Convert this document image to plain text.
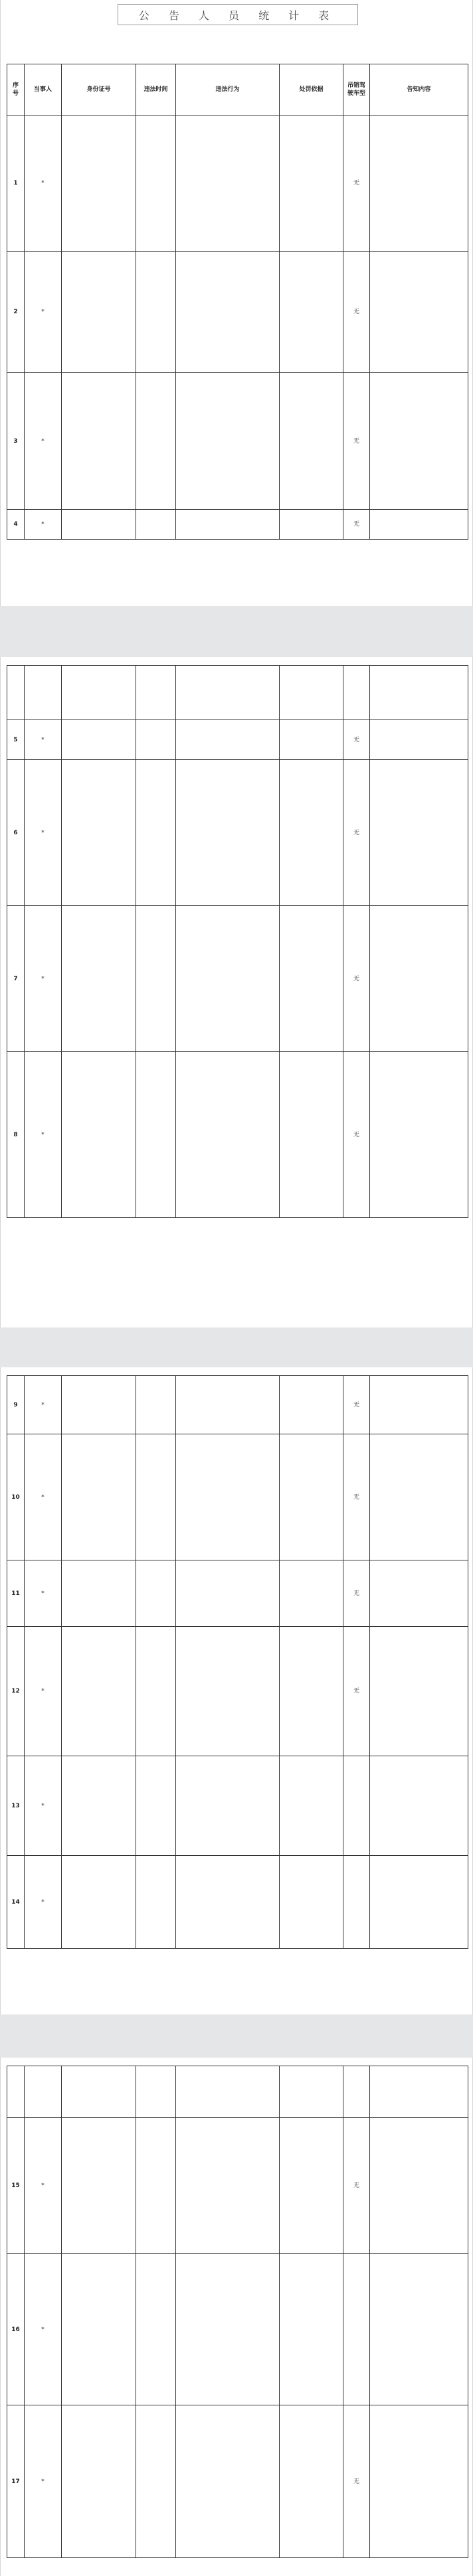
公 告 人 员 统 计 表
序号	当事人	身份证号	违法时间	违法行为	处罚依据	吊销驾驶车型	告知内容
1	*					无	
2	*					无	
3	*					无	
4	*					无	

5	*					无	
6	*					无	
7	*					无	
8	*					无	
9	*					无	
10	*					无	
11	*					无	
12	*					无	
13	*						
14	*						

15	*					无	
16	*						
17	*					无	
